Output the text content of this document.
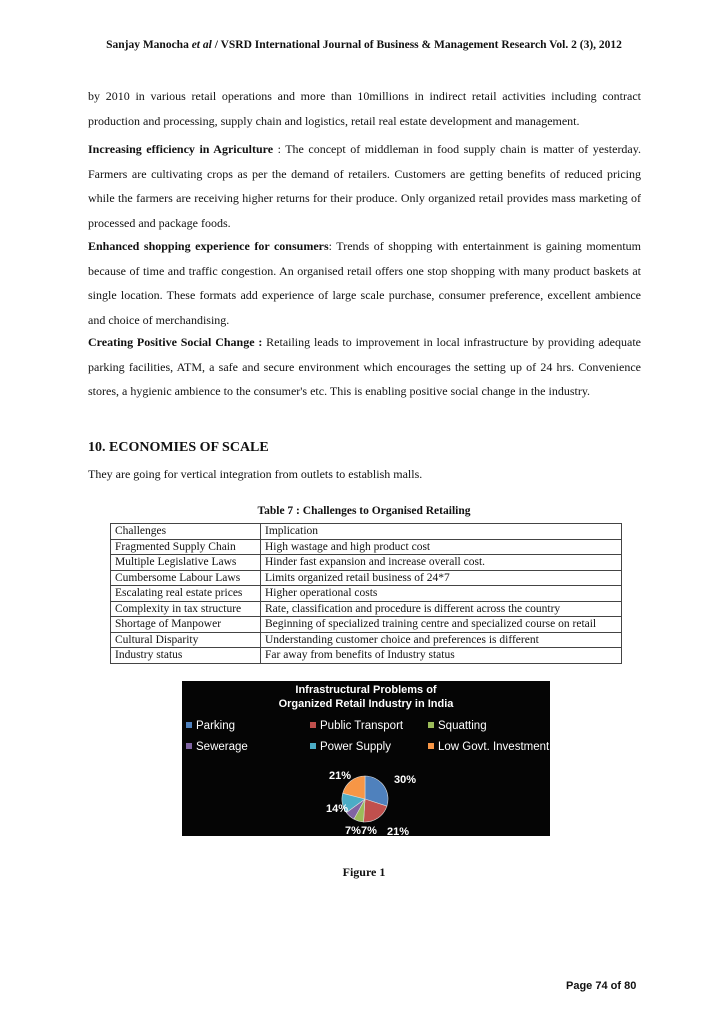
Sanjay Manocha et al / VSRD International Journal of Business & Management Research Vol. 2 (3), 2012

by 2010 in various retail operations and more than 10millions in indirect retail activities including contract production and processing, supply chain and logistics, retail real estate development and management.

Increasing efficiency in Agriculture : The concept of middleman in food supply chain is matter of yesterday. Farmers are cultivating crops as per the demand of retailers. Customers are getting benefits of reduced pricing while the farmers are receiving higher returns for their produce. Only organized retail provides mass marketing of processed and package foods.

Enhanced shopping experience for consumers: Trends of shopping with entertainment is gaining momentum because of time and traffic congestion. An organised retail offers one stop shopping with many product baskets at single location. These formats add experience of large scale purchase, consumer preference, excellent ambience and choice of merchandising.

Creating Positive Social Change : Retailing leads to improvement in local infrastructure by providing adequate parking facilities, ATM, a safe and secure environment which encourages the setting up of 24 hrs. Convenience stores, a hygienic ambience to the consumer's etc. This is enabling positive social change in the industry.

10. ECONOMIES OF SCALE

They are going for vertical integration from outlets to establish malls.

Table 7 : Challenges to Organised Retailing
Challenges	Implication
Fragmented Supply Chain	High wastage and high product cost
Multiple Legislative Laws	Hinder fast expansion and increase overall cost.
Cumbersome Labour Laws	Limits organized retail business of 24*7
Escalating real estate prices	Higher operational costs
Complexity in tax structure	Rate, classification and procedure is different across the country
Shortage of Manpower	Beginning of specialized training centre and specialized course on retail
Cultural Disparity	Understanding customer choice and preferences is different
Industry status	Far away from benefits of Industry status
Infrastructural Problems of
Organized Retail Industry in India
Parking	Public Transport	Squatting
Sewerage	Power Supply	Low Govt. Investment
30%
21%
7%
7%
14%
21%
Figure 1
Page 74 of 80
